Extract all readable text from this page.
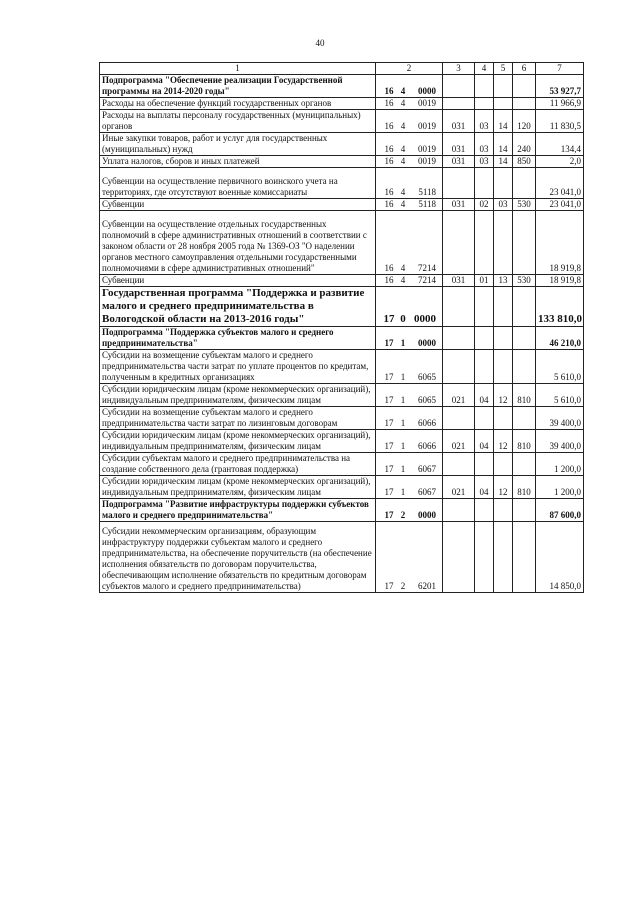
40
1	2	3	4	5	6	7
Подпрограмма "Обеспечение реализации Государственной программы на 2014-2020 годы"	16 4 0000					53 927,7
Расходы на обеспечение функций государственных органов	16 4 0019					11 966,9
Расходы на выплаты персоналу государственных (муниципальных) органов	16 4 0019	031	03	14	120	11 830,5
Иные закупки товаров, работ и услуг для государственных (муниципальных) нужд	16 4 0019	031	03	14	240	134,4
Уплата налогов, сборов и иных платежей	16 4 0019	031	03	14	850	2,0
Субвенции на осуществление первичного воинского учета на территориях, где отсутствуют военные комиссариаты	16 4 5118					23 041,0
Субвенции	16 4 5118	031	02	03	530	23 041,0
Субвенции на осуществление отдельных государственных полномочий в сфере административных отношений в соответствии с законом области от 28 ноября 2005 года № 1369-ОЗ "О наделении органов местного самоуправления отдельными государственными полномочиями в сфере административных отношений"	16 4 7214					18 919,8
Субвенции	16 4 7214	031	01	13	530	18 919,8
Государственная программа "Поддержка и развитие малого и среднего предпринимательства в Вологодской области на 2013-2016 годы"	17 0 0000					133 810,0
Подпрограмма "Поддержка субъектов малого и среднего предпринимательства"	17 1 0000					46 210,0
Субсидии на возмещение субъектам малого и среднего предпринимательства части затрат по уплате процентов по кредитам, полученным в кредитных организациях	17 1 6065					5 610,0
Субсидии юридическим лицам (кроме некоммерческих организаций), индивидуальным предпринимателям, физическим лицам	17 1 6065	021	04	12	810	5 610,0
Субсидии на возмещение субъектам малого и среднего предпринимательства части затрат по лизинговым договорам	17 1 6066					39 400,0
Субсидии юридическим лицам (кроме некоммерческих организаций), индивидуальным предпринимателям, физическим лицам	17 1 6066	021	04	12	810	39 400,0
Субсидии субъектам малого и среднего предпринимательства на создание собственного дела (грантовая поддержка)	17 1 6067					1 200,0
Субсидии юридическим лицам (кроме некоммерческих организаций), индивидуальным предпринимателям, физическим лицам	17 1 6067	021	04	12	810	1 200,0
Подпрограмма "Развитие инфраструктуры поддержки субъектов малого и среднего предпринимательства"	17 2 0000					87 600,0
Субсидии некоммерческим организациям, образующим инфраструктуру поддержки субъектам малого и среднего предпринимательства, на обеспечение поручительств (на обеспечение исполнения обязательств по договорам поручительства, обеспечивающим исполнение обязательств по кредитным договорам субъектов малого и среднего предпринимательства)	17 2 6201					14 850,0
